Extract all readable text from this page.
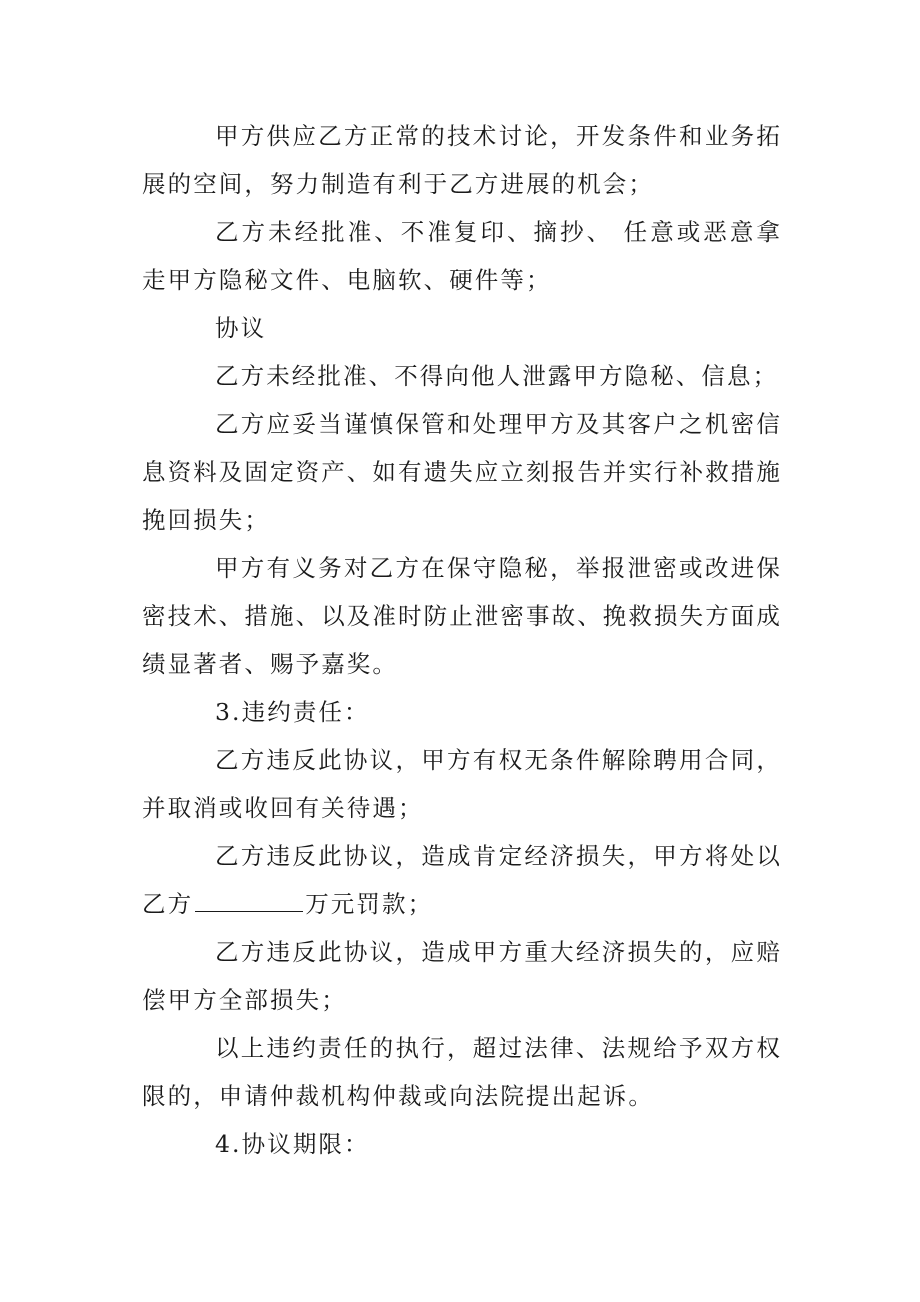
甲方供应乙方正常的技术讨论，开发条件和业务拓展的空间，努力制造有利于乙方进展的机会；

乙方未经批准、不准复印、摘抄、 任意或恶意拿走甲方隐秘文件、电脑软、硬件等；

协议

乙方未经批准、不得向他人泄露甲方隐秘、信息；

乙方应妥当谨慎保管和处理甲方及其客户之机密信息资料及固定资产、如有遗失应立刻报告并实行补救措施挽回损失；

甲方有义务对乙方在保守隐秘，举报泄密或改进保密技术、措施、以及准时防止泄密事故、挽救损失方面成绩显著者、赐予嘉奖。

3.违约责任：

乙方违反此协议，甲方有权无条件解除聘用合同，并取消或收回有关待遇；

乙方违反此协议，造成肯定经济损失，甲方将处以乙方	万元罚款；

乙方违反此协议，造成甲方重大经济损失的，应赔偿甲方全部损失；

以上违约责任的执行，超过法律、法规给予双方权限的，申请仲裁机构仲裁或向法院提出起诉。

4.协议期限：
